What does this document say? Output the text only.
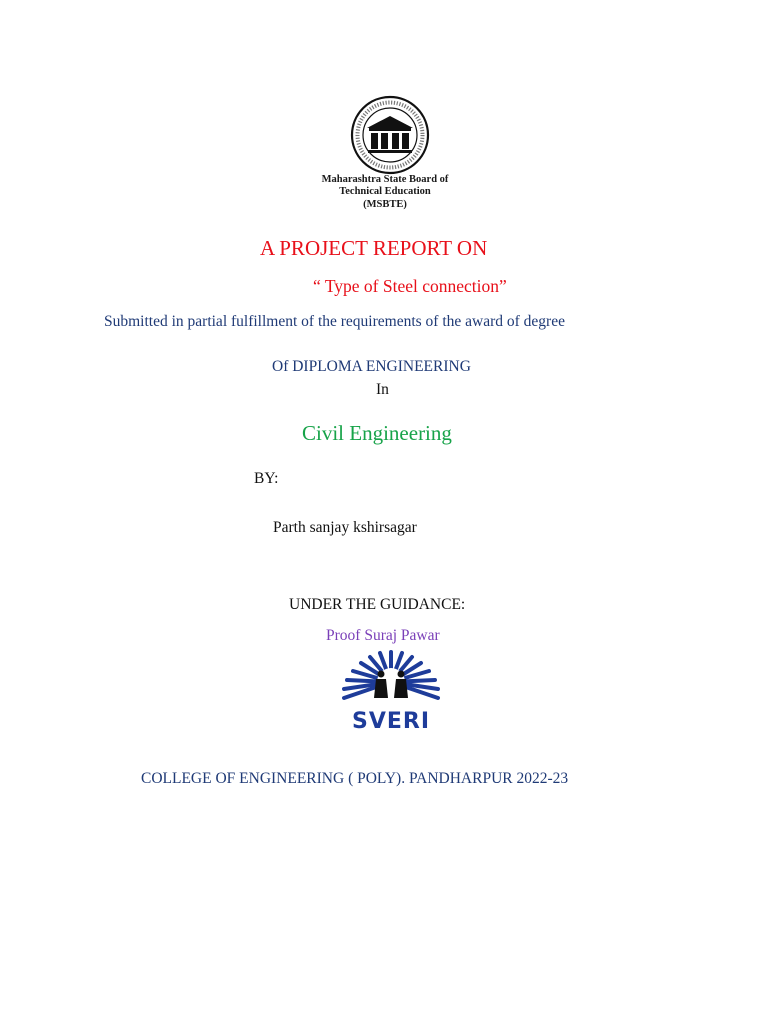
Maharashtra State Board of
Technical Education
(MSBTE)
A PROJECT REPORT ON
“ Type of Steel connection”
Submitted in partial fulfillment of the requirements of the award of degree
Of DIPLOMA ENGINEERING
In
Civil Engineering
BY:
Parth sanjay kshirsagar
UNDER THE GUIDANCE:
Proof Suraj Pawar
SVERI
COLLEGE OF ENGINEERING ( POLY). PANDHARPUR 2022-23
